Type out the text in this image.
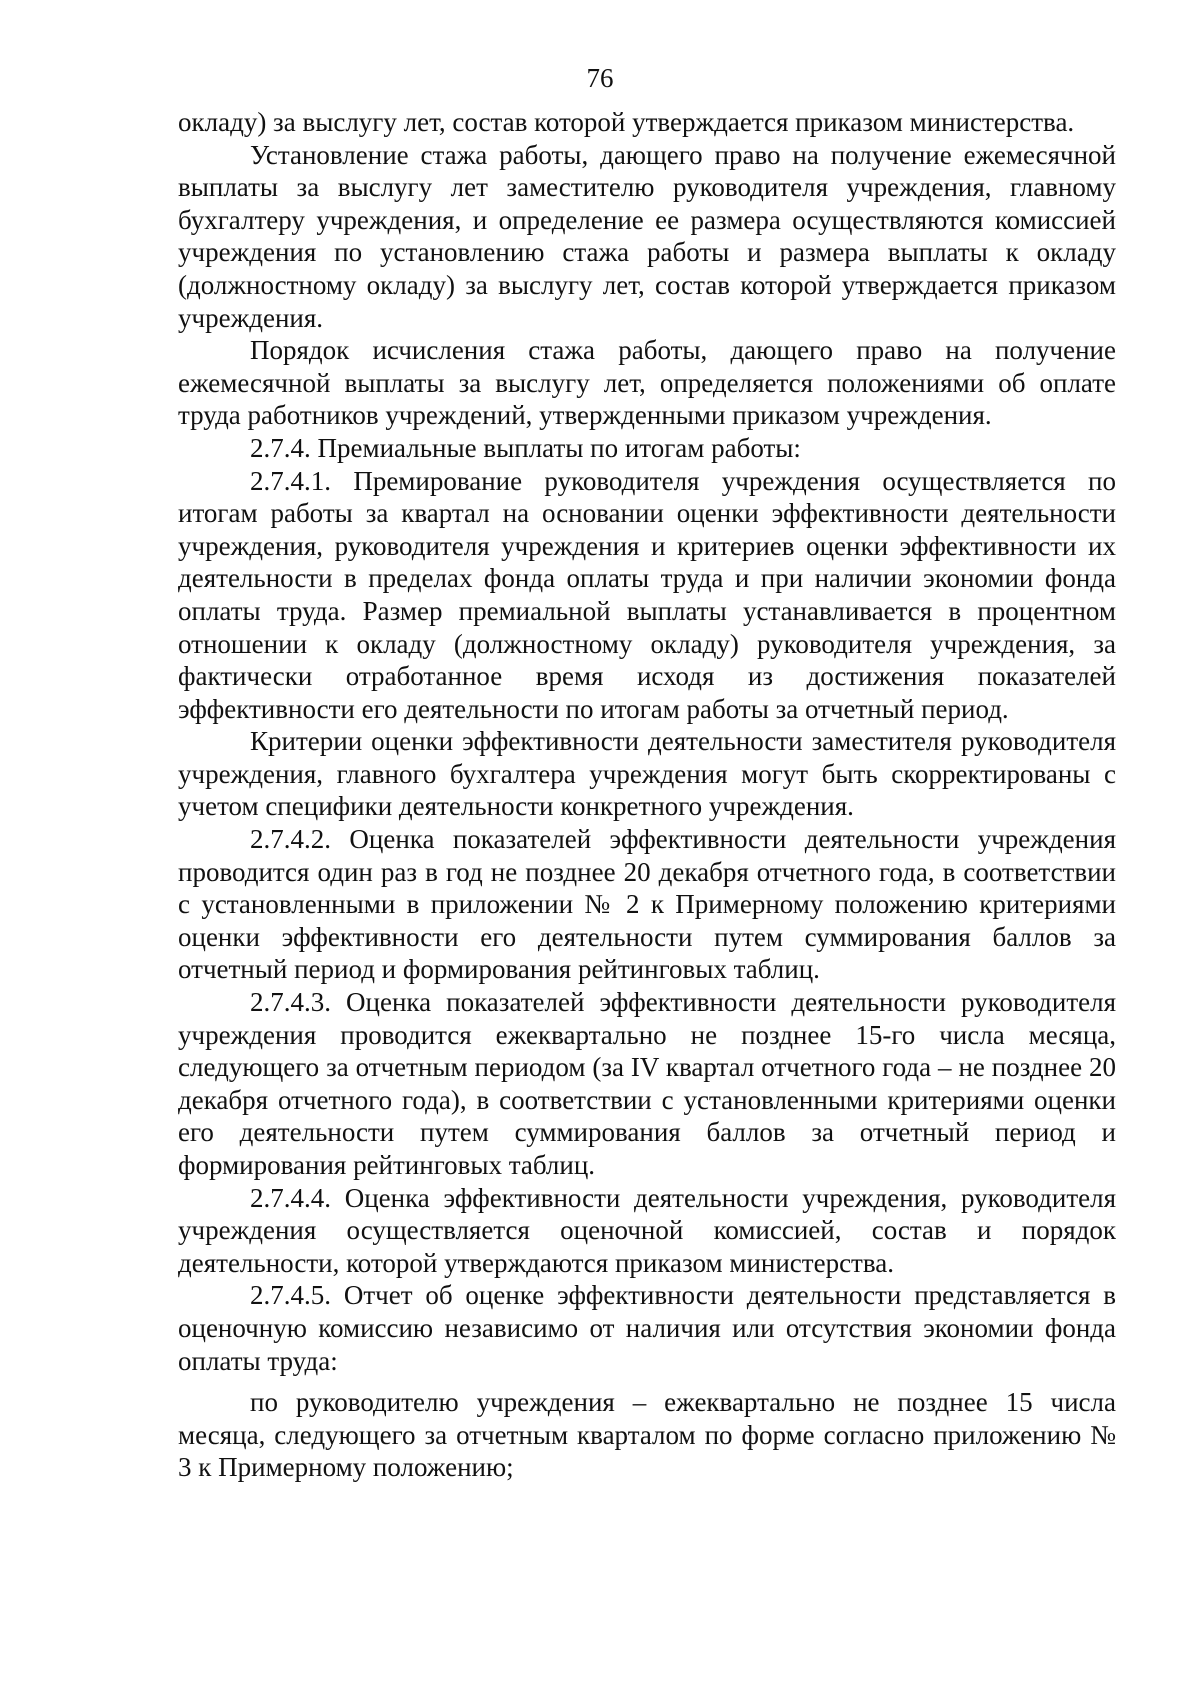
76

окладу) за выслугу лет, состав которой утверждается приказом министерства.

Установление стажа работы, дающего право на получение ежемесячной выплаты за выслугу лет заместителю руководителя учреждения, главному бухгалтеру учреждения, и определение ее размера осуществляются комиссией учреждения по установлению стажа работы и размера выплаты к окладу (должностному окладу) за выслугу лет, состав которой утверждается приказом учреждения.

Порядок исчисления стажа работы, дающего право на получение ежемесячной выплаты за выслугу лет, определяется положениями об оплате труда работников учреждений, утвержденными приказом учреждения.

2.7.4. Премиальные выплаты по итогам работы:

2.7.4.1. Премирование руководителя учреждения осуществляется по итогам работы за квартал на основании оценки эффективности деятельности учреждения, руководителя учреждения и критериев оценки эффективности их деятельности в пределах фонда оплаты труда и при наличии экономии фонда оплаты труда. Размер премиальной выплаты устанавливается в процентном отношении к окладу (должностному окладу) руководителя учреждения, за фактически отработанное время исходя из достижения показателей эффективности его деятельности по итогам работы за отчетный период.

Критерии оценки эффективности деятельности заместителя руководителя учреждения, главного бухгалтера учреждения могут быть скорректированы с учетом специфики деятельности конкретного учреждения.

2.7.4.2. Оценка показателей эффективности деятельности учреждения проводится один раз в год не позднее 20 декабря отчетного года, в соответствии с установленными в приложении № 2 к Примерному положению критериями оценки эффективности его деятельности путем суммирования баллов за отчетный период и формирования рейтинговых таблиц.

2.7.4.3. Оценка показателей эффективности деятельности руководителя учреждения проводится ежеквартально не позднее 15-го числа месяца, следующего за отчетным периодом (за IV квартал отчетного года – не позднее 20 декабря отчетного года), в соответствии с установленными критериями оценки его деятельности путем суммирования баллов за отчетный период и формирования рейтинговых таблиц.

2.7.4.4. Оценка эффективности деятельности учреждения, руководителя учреждения осуществляется оценочной комиссией, состав и порядок деятельности, которой утверждаются приказом министерства.

2.7.4.5. Отчет об оценке эффективности деятельности представляется в оценочную комиссию независимо от наличия или отсутствия экономии фонда оплаты труда:

по руководителю учреждения – ежеквартально не позднее 15 числа месяца, следующего за отчетным кварталом по форме согласно приложению № 3 к Примерному положению;
